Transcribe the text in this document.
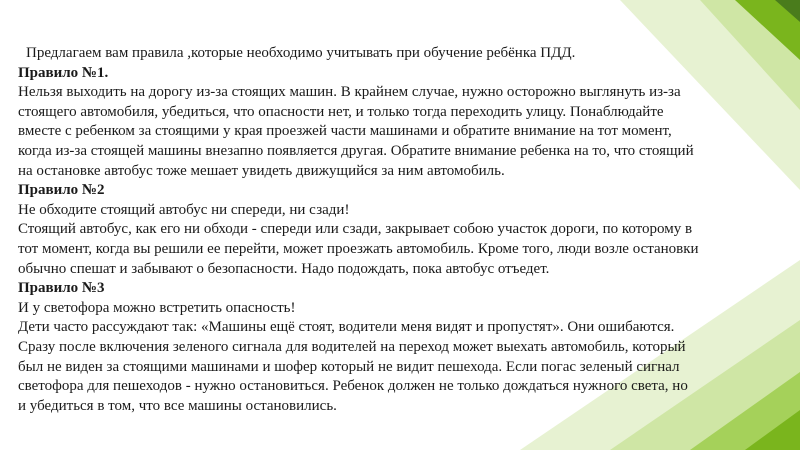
Предлагаем вам правила ,которые необходимо учитывать при обучение ребёнка ПДД.
Правило №1.
Нельзя выходить на дорогу из-за стоящих машин. В крайнем случае, нужно осторожно выглянуть из-за
стоящего автомобиля, убедиться, что опасности нет, и только тогда переходить улицу. Понаблюдайте
вместе с ребенком за стоящими у края проезжей части машинами и обратите внимание на тот момент,
когда из-за стоящей машины внезапно появляется другая. Обратите внимание ребенка на то, что стоящий
на остановке автобус тоже мешает увидеть движущийся за ним автомобиль.
Правило №2
Не обходите стоящий автобус ни спереди, ни сзади!
Стоящий автобус, как его ни обходи - спереди или сзади, закрывает собою участок дороги, по которому в
тот момент, когда вы решили ее перейти, может проезжать автомобиль. Кроме того, люди возле остановки
обычно спешат и забывают о безопасности. Надо подождать, пока автобус отъедет.
Правило №3
И у светофора можно встретить опасность!
Дети часто рассуждают так: «Машины ещё стоят, водители меня видят и пропустят». Они ошибаются.
Сразу после включения зеленого сигнала для водителей на переход может выехать автомобиль, который
был не виден за стоящими машинами и шофер который не видит пешехода. Если погас зеленый сигнал
светофора для пешеходов - нужно остановиться. Ребенок должен не только дождаться нужного света, но
и убедиться в том, что все машины остановились.
